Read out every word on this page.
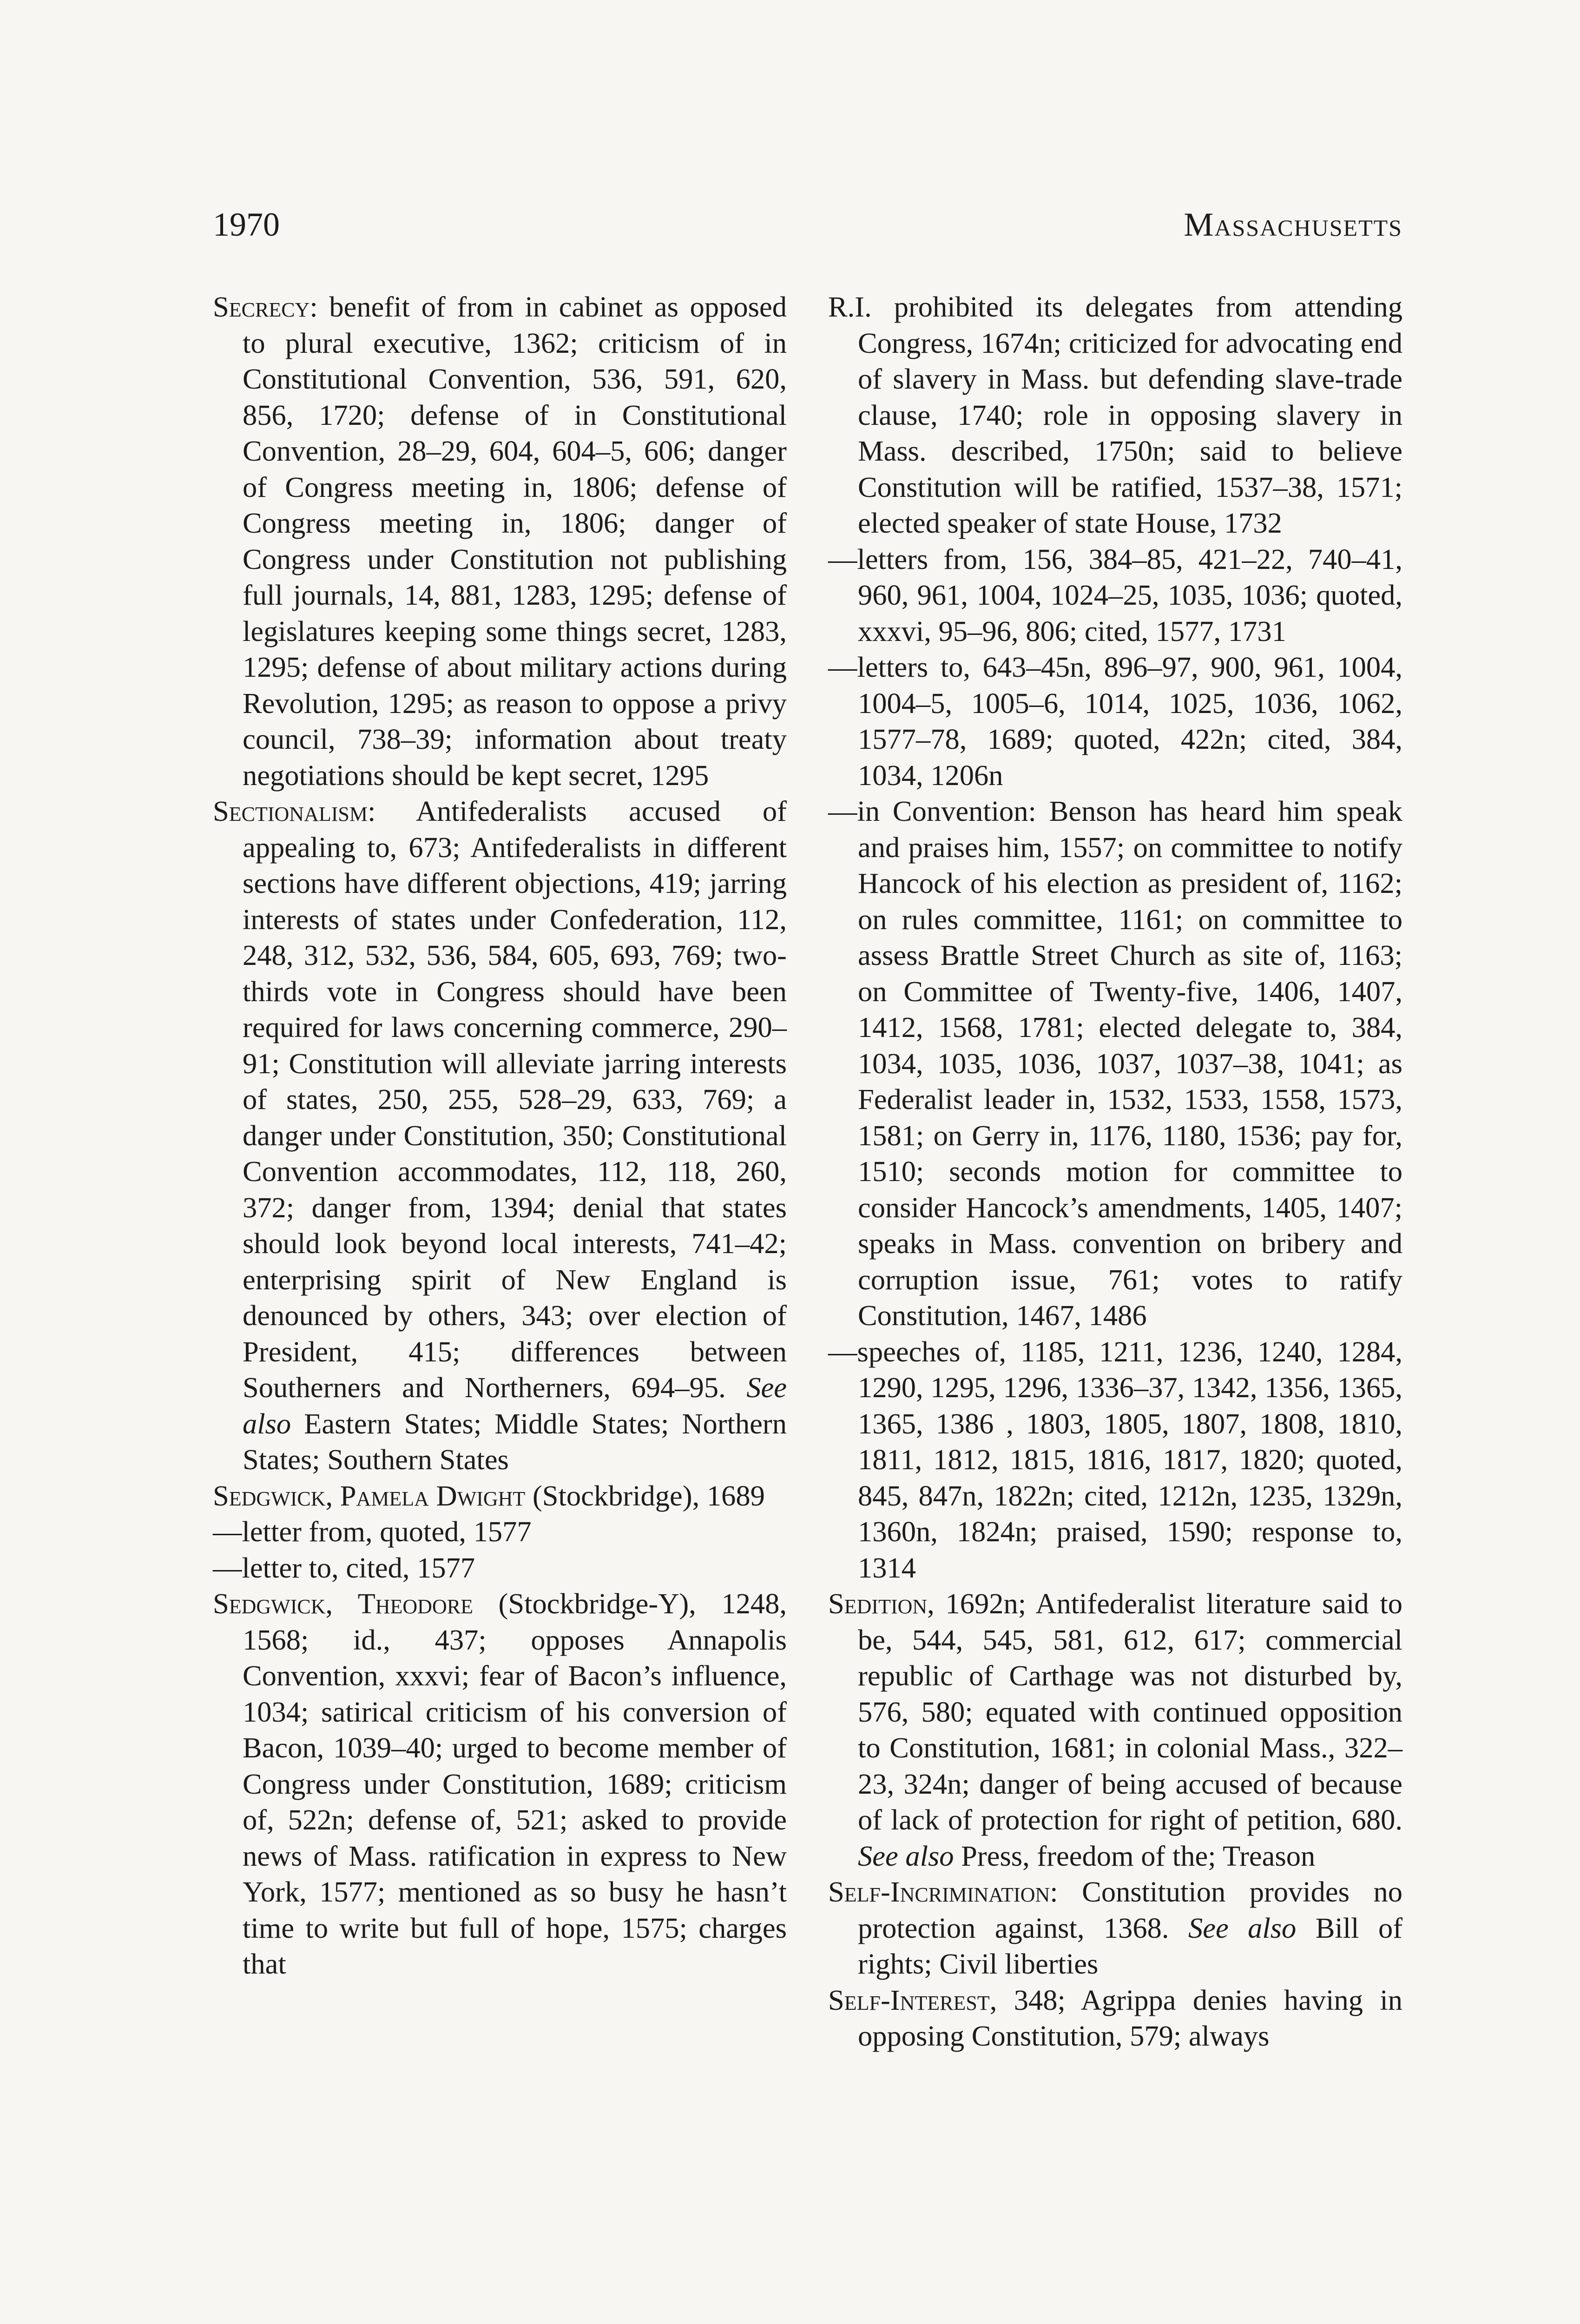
1970	Massachusetts

Secrecy: benefit of from in cabinet as opposed to plural executive, 1362; criticism of in Constitutional Convention, 536, 591, 620, 856, 1720; defense of in Constitutional Convention, 28–29, 604, 604–5, 606; danger of Congress meeting in, 1806; defense of Congress meeting in, 1806; danger of Congress under Constitution not publishing full journals, 14, 881, 1283, 1295; defense of legislatures keeping some things secret, 1283, 1295; defense of about military actions during Revolution, 1295; as reason to oppose a privy council, 738–39; information about treaty negotiations should be kept secret, 1295

Sectionalism: Antifederalists accused of appealing to, 673; Antifederalists in different sections have different objections, 419; jarring interests of states under Confederation, 112, 248, 312, 532, 536, 584, 605, 693, 769; two-thirds vote in Congress should have been required for laws concerning commerce, 290–91; Constitution will alleviate jarring interests of states, 250, 255, 528–29, 633, 769; a danger under Constitution, 350; Constitutional Convention accommodates, 112, 118, 260, 372; danger from, 1394; denial that states should look beyond local interests, 741–42; enterprising spirit of New England is denounced by others, 343; over election of President, 415; differences between Southerners and Northerners, 694–95. See also Eastern States; Middle States; Northern States; Southern States

Sedgwick, Pamela Dwight (Stockbridge), 1689

—letter from, quoted, 1577

—letter to, cited, 1577

Sedgwick, Theodore (Stockbridge-Y), 1248, 1568; id., 437; opposes Annapolis Convention, xxxvi; fear of Bacon’s influence, 1034; satirical criticism of his conversion of Bacon, 1039–40; urged to become member of Congress under Constitution, 1689; criticism of, 522n; defense of, 521; asked to provide news of Mass. ratification in express to New York, 1577; mentioned as so busy he hasn’t time to write but full of hope, 1575; charges that

R.I. prohibited its delegates from attending Congress, 1674n; criticized for advocating end of slavery in Mass. but defending slave-trade clause, 1740; role in opposing slavery in Mass. described, 1750n; said to believe Constitution will be ratified, 1537–38, 1571; elected speaker of state House, 1732

—letters from, 156, 384–85, 421–22, 740–41, 960, 961, 1004, 1024–25, 1035, 1036; quoted, xxxvi, 95–96, 806; cited, 1577, 1731

—letters to, 643–45n, 896–97, 900, 961, 1004, 1004–5, 1005–6, 1014, 1025, 1036, 1062, 1577–78, 1689; quoted, 422n; cited, 384, 1034, 1206n

—in Convention: Benson has heard him speak and praises him, 1557; on committee to notify Hancock of his election as president of, 1162; on rules committee, 1161; on committee to assess Brattle Street Church as site of, 1163; on Committee of Twenty-five, 1406, 1407, 1412, 1568, 1781; elected delegate to, 384, 1034, 1035, 1036, 1037, 1037–38, 1041; as Federalist leader in, 1532, 1533, 1558, 1573, 1581; on Gerry in, 1176, 1180, 1536; pay for, 1510; seconds motion for committee to consider Hancock’s amendments, 1405, 1407; speaks in Mass. convention on bribery and corruption issue, 761; votes to ratify Constitution, 1467, 1486

—speeches of, 1185, 1211, 1236, 1240, 1284, 1290, 1295, 1296, 1336–37, 1342, 1356, 1365, 1365, 1386 , 1803, 1805, 1807, 1808, 1810, 1811, 1812, 1815, 1816, 1817, 1820; quoted, 845, 847n, 1822n; cited, 1212n, 1235, 1329n, 1360n, 1824n; praised, 1590; response to, 1314

Sedition, 1692n; Antifederalist literature said to be, 544, 545, 581, 612, 617; commercial republic of Carthage was not disturbed by, 576, 580; equated with continued opposition to Constitution, 1681; in colonial Mass., 322–23, 324n; danger of being accused of because of lack of protection for right of petition, 680. See also Press, freedom of the; Treason

Self-Incrimination: Constitution provides no protection against, 1368. See also Bill of rights; Civil liberties

Self-Interest, 348; Agrippa denies having in opposing Constitution, 579; always
